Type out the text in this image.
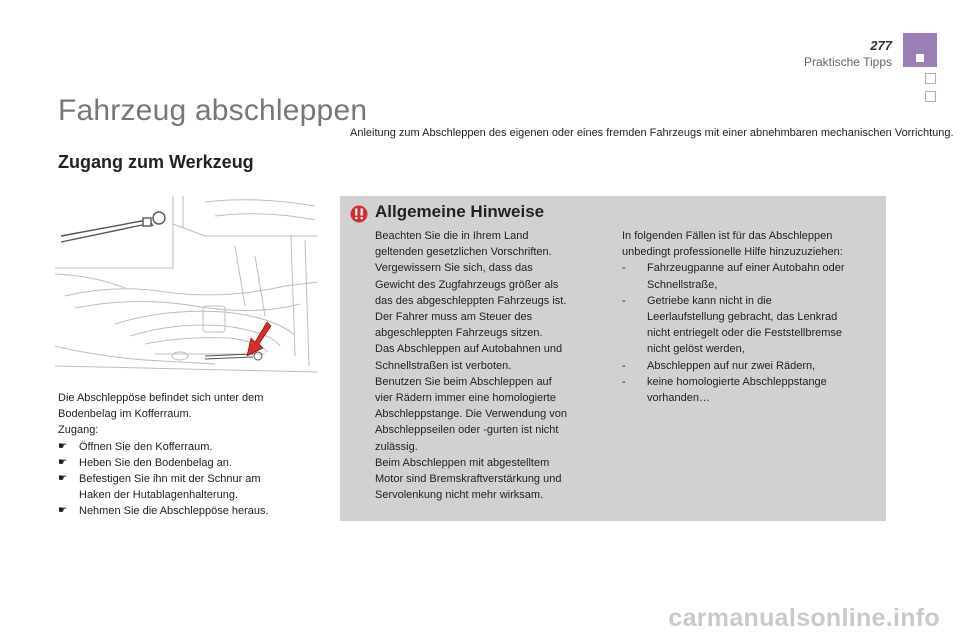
277
Praktische Tipps
Fahrzeug abschleppen
Anleitung zum Abschleppen des eigenen oder eines fremden Fahrzeugs mit einer abnehmbaren mechanischen Vorrichtung.
Zugang zum Werkzeug
Die Abschleppöse befindet sich unter dem
Bodenbelag im Kofferraum.
Zugang:
☛ Öffnen Sie den Kofferraum.
☛ Heben Sie den Bodenbelag an.
☛ Befestigen Sie ihn mit der Schnur am
Haken der Hutablagenhalterung.
☛ Nehmen Sie die Abschleppöse heraus.
Allgemeine Hinweise
Beachten Sie die in Ihrem Land
geltenden gesetzlichen Vorschriften.
Vergewissern Sie sich, dass das
Gewicht des Zugfahrzeugs größer als
das des abgeschleppten Fahrzeugs ist.
Der Fahrer muss am Steuer des
abgeschleppten Fahrzeugs sitzen.
Das Abschleppen auf Autobahnen und
Schnellstraßen ist verboten.
Benutzen Sie beim Abschleppen auf
vier Rädern immer eine homologierte
Abschleppstange. Die Verwendung von
Abschleppseilen oder -gurten ist nicht
zulässig.
Beim Abschleppen mit abgestelltem
Motor sind Bremskraftverstärkung und
Servolenkung nicht mehr wirksam.
In folgenden Fällen ist für das Abschleppen
unbedingt professionelle Hilfe hinzuzuziehen:
- Fahrzeugpanne auf einer Autobahn oder
Schnellstraße,
- Getriebe kann nicht in die
Leerlaufstellung gebracht, das Lenkrad
nicht entriegelt oder die Feststellbremse
nicht gelöst werden,
- Abschleppen auf nur zwei Rädern,
- keine homologierte Abschleppstange
vorhanden…
carmanualsonline.info
